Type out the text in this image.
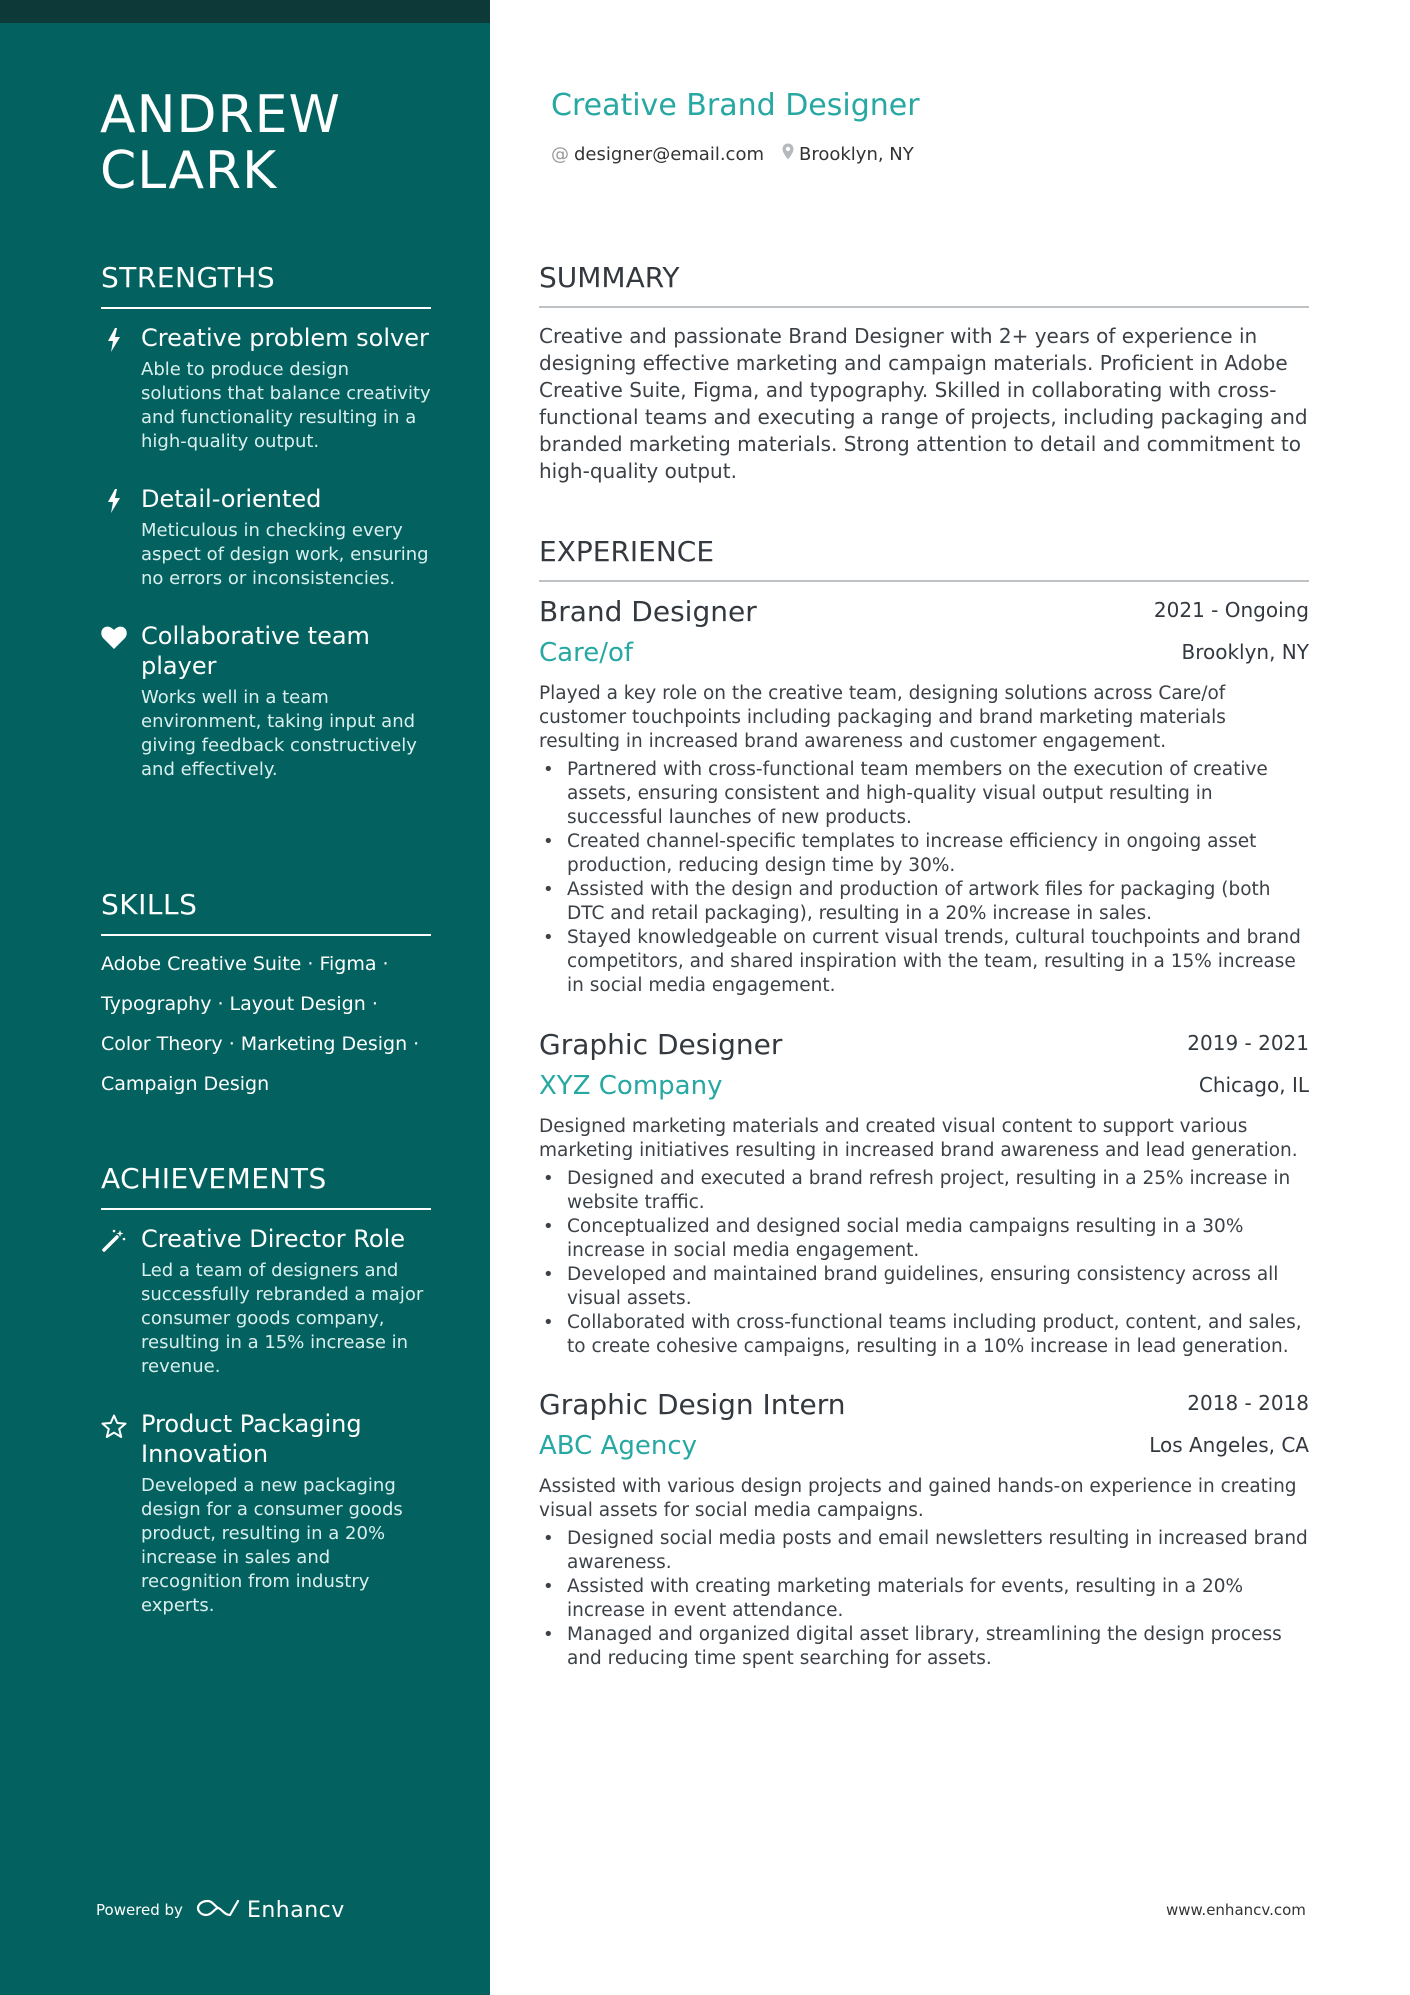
ANDREW
CLARK
STRENGTHS
Creative problem solver
Able to produce design solutions that balance creativity and functionality resulting in a high-quality output.
Detail-oriented
Meticulous in checking every aspect of design work, ensuring no errors or inconsistencies.
Collaborative team player
Works well in a team environment, taking input and giving feedback constructively and effectively.
SKILLS
Adobe Creative Suite · Figma ·
Typography · Layout Design ·
Color Theory · Marketing Design ·
Campaign Design
ACHIEVEMENTS
Creative Director Role
Led a team of designers and successfully rebranded a major consumer goods company, resulting in a 15% increase in revenue.
Product Packaging Innovation
Developed a new packaging design for a consumer goods product, resulting in a 20% increase in sales and recognition from industry experts.
Powered by	Enhancv
Creative Brand Designer
@ designer@email.com Brooklyn, NY
SUMMARY

Creative and passionate Brand Designer with 2+ years of experience in designing effective marketing and campaign materials. Proficient in Adobe Creative Suite, Figma, and typography. Skilled in collaborating with cross-functional teams and executing a range of projects, including packaging and branded marketing materials. Strong attention to detail and commitment to high-quality output.

EXPERIENCE
Brand Designer	2021 - Ongoing
Care/of	Brooklyn, NY

Played a key role on the creative team, designing solutions across Care/of customer touchpoints including packaging and brand marketing materials resulting in increased brand awareness and customer engagement.

• Partnered with cross-functional team members on the execution of creative assets, ensuring consistent and high-quality visual output resulting in successful launches of new products.
• Created channel-specific templates to increase efficiency in ongoing asset production, reducing design time by 30%.
• Assisted with the design and production of artwork files for packaging (both DTC and retail packaging), resulting in a 20% increase in sales.
• Stayed knowledgeable on current visual trends, cultural touchpoints and brand competitors, and shared inspiration with the team, resulting in a 15% increase in social media engagement.
Graphic Designer	2019 - 2021
XYZ Company	Chicago, IL

Designed marketing materials and created visual content to support various marketing initiatives resulting in increased brand awareness and lead generation.

• Designed and executed a brand refresh project, resulting in a 25% increase in website traffic.
• Conceptualized and designed social media campaigns resulting in a 30% increase in social media engagement.
• Developed and maintained brand guidelines, ensuring consistency across all visual assets.
• Collaborated with cross-functional teams including product, content, and sales, to create cohesive campaigns, resulting in a 10% increase in lead generation.
Graphic Design Intern	2018 - 2018
ABC Agency	Los Angeles, CA

Assisted with various design projects and gained hands-on experience in creating visual assets for social media campaigns.

• Designed social media posts and email newsletters resulting in increased brand awareness.
• Assisted with creating marketing materials for events, resulting in a 20% increase in event attendance.
• Managed and organized digital asset library, streamlining the design process and reducing time spent searching for assets.
www.enhancv.com
